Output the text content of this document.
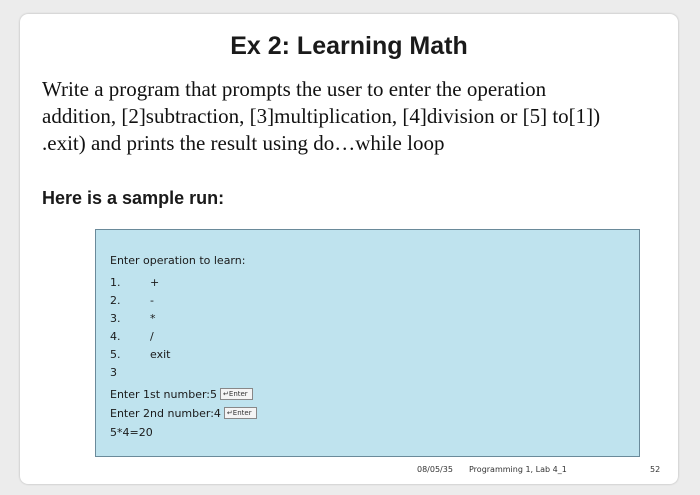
Ex 2: Learning Math
Write a program that prompts the user to enter the operation
addition, [2]subtraction, [3]multiplication, [4]division or [5] to[1])
.exit) and prints the result using do…while loop
Here is a sample run:
Enter operation to learn:
1.	+
2.	-
3.	*
4.	/
5.	exit
3
Enter 1st number:5 ↵Enter
Enter 2nd number:4 ↵Enter
5*4=20
08/05/35 Programming 1, Lab 4_1	52
